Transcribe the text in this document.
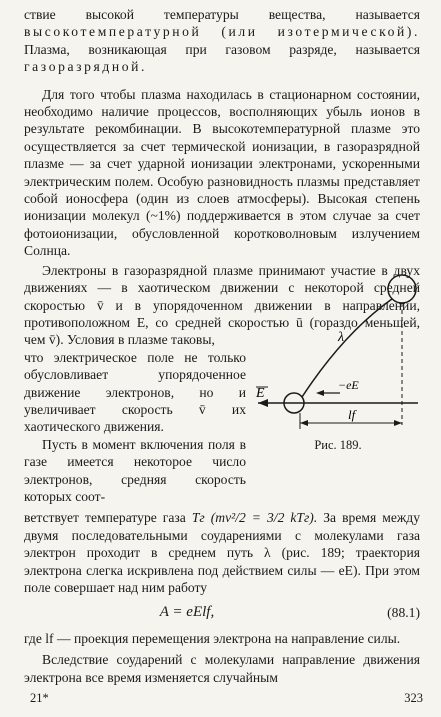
ствие высокой температуры вещества, называется высокотемпературной (или изотермической). Плазма, возникающая при газовом разряде, называется газоразрядной.

Для того чтобы плазма находилась в стационарном состоянии, необходимо наличие процессов, восполняющих убыль ионов в результате рекомбинации. В высокотемпературной плазме это осуществляется за счет термической ионизации, в газоразрядной плазме — за счет ударной ионизации электронами, ускоренными электрическим полем. Особую разновидность плазмы представляет собой ионосфера (один из слоев атмосферы). Высокая степень ионизации молекул (~1%) поддерживается в этом случае за счет фотоионизации, обусловленной коротковолновым излучением Солнца.

Электроны в газоразрядной плазме принимают участие в двух движениях — в хаотическом движении с некоторой средней скоростью v̄ и в упорядоченном движении в направлении, противоположном E, со средней скоростью ū (гораздо меньшей, чем v̄). Условия в плазме таковы,

E
λ
−eE
lf
Рис. 189.

что электрическое поле не только обусловливает упорядоченное движение электронов, но и увеличивает скорость v̄ их хаотического движения.

Пусть в момент включения поля в газе имеется некоторое число электронов, средняя скорость которых соот-

ветствует температуре газа Tг (mv²/2 = 3/2 kTг). За время между двумя последовательными соударениями с молекулами газа электрон проходит в среднем путь λ (рис. 189; траектория электрона слегка искривлена под действием силы — eE). При этом поле совершает над ним работу

A = eElf,	(88.1)

где lf — проекция перемещения электрона на направление силы.

Вследствие соударений с молекулами направление движения электрона все время изменяется случайным

21*	323
